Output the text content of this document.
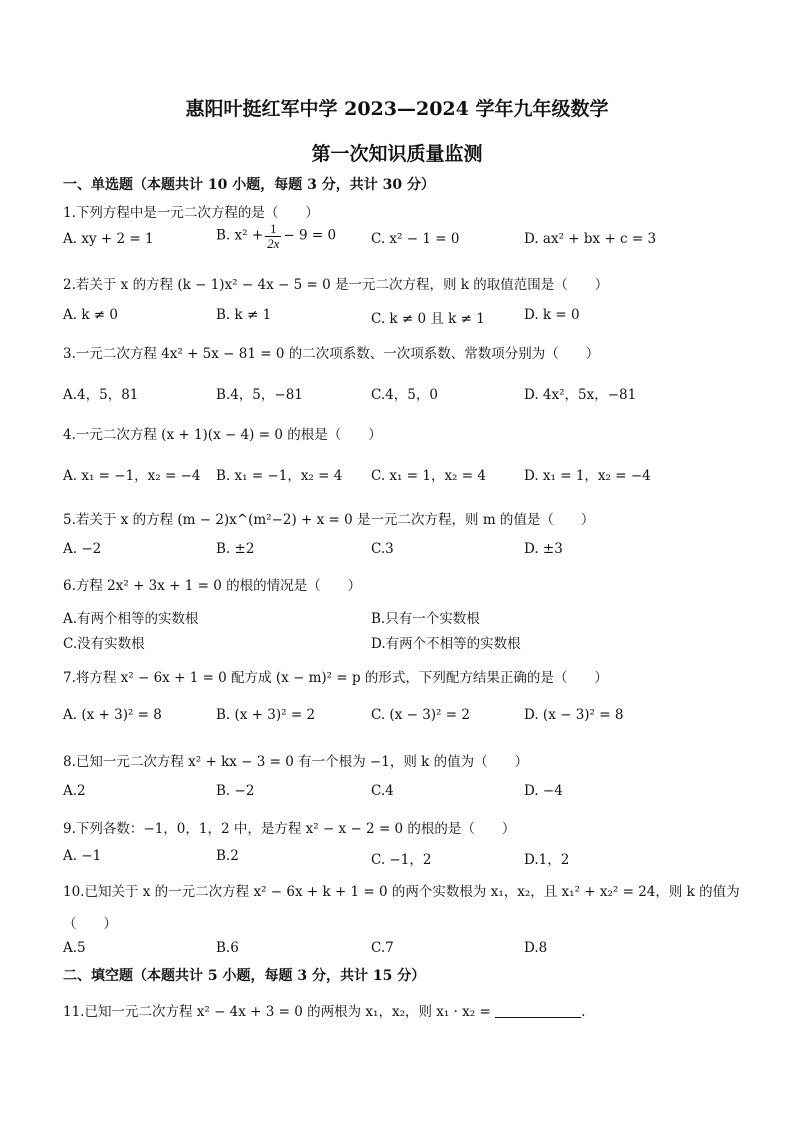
惠阳叶挺红军中学 2023—2024 学年九年级数学
第一次知识质量监测
一、单选题（本题共计 10 小题，每题 3 分，共计 30 分）
1.下列方程中是一元二次方程的是（　　）
A. xy + 2 = 1	B. $x^2 + \frac{1}{2x} - 9 = 0$	C. x² − 1 = 0	D. ax² + bx + c = 3
2.若关于 x 的方程 (k − 1)x² − 4x − 5 = 0 是一元二次方程，则 k 的取值范围是（　　）
A. k ≠ 0	B. k ≠ 1	C. k ≠ 0 且 k ≠ 1	D. k = 0
3.一元二次方程 4x² + 5x − 81 = 0 的二次项系数、一次项系数、常数项分别为（　　）
A.4，5，81	B.4，5，−81	C.4，5，0	D. 4x²，5x，−81
4.一元二次方程 (x + 1)(x − 4) = 0 的根是（　　）
A. x₁ = −1，x₂ = −4 B. x₁ = −1，x₂ = 4 C. x₁ = 1，x₂ = 4	D. x₁ = 1，x₂ = −4
5.若关于 x 的方程 (m − 2)x^(m²−2) + x = 0 是一元二次方程，则 m 的值是（　　）
A. −2	B. ±2	C.3	D. ±3
6.方程 2x² + 3x + 1 = 0 的根的情况是（　　）
A.有两个相等的实数根	B.只有一个实数根
C.没有实数根	D.有两个不相等的实数根
7.将方程 x² − 6x + 1 = 0 配方成 (x − m)² = p 的形式，下列配方结果正确的是（　　）
A. (x + 3)² = 8	B. (x + 3)² = 2	C. (x − 3)² = 2	D. (x − 3)² = 8
8.已知一元二次方程 x² + kx − 3 = 0 有一个根为 −1，则 k 的值为（　　）
A.2	B. −2	C.4	D. −4
9.下列各数：−1，0，1，2 中，是方程 x² − x − 2 = 0 的根的是（　　）
A. −1	B.2	C. −1，2	D.1，2
10.已知关于 x 的一元二次方程 x² − 6x + k + 1 = 0 的两个实数根为 x₁，x₂，且 x₁² + x₂² = 24，则 k 的值为
（　　）
A.5	B.6	C.7	D.8
二、填空题（本题共计 5 小题，每题 3 分，共计 15 分）
11.已知一元二次方程 x² − 4x + 3 = 0 的两根为 x₁，x₂，则 x₁ · x₂ =	.
